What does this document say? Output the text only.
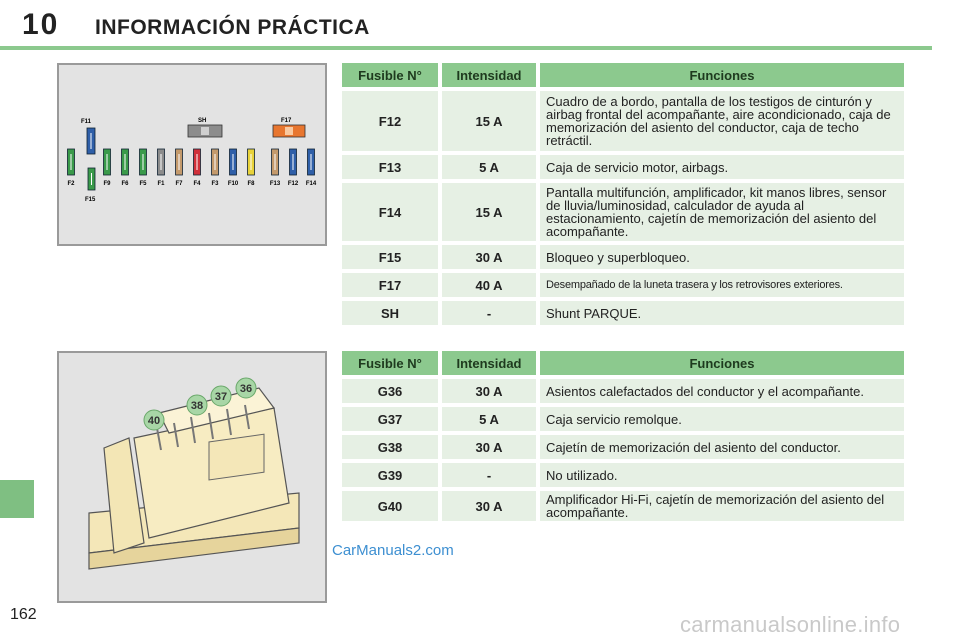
10 INFORMACIÓN PRÁCTICA
162
CarManuals2.com
carmanualsonline.info
F11	SH	F17
F2	F9 F6 F5 F1 F7 F4 F3 F10 F8	F13 F12 F14
F15
40
38
37
36
Fusible N°	Intensidad	Funciones
F12	15 A	Cuadro de a bordo, pantalla de los testigos de cinturón y airbag frontal del acompañante, aire acondicionado, caja de memorización del asiento del conductor, caja de techo retráctil.
F13	5 A	Caja de servicio motor, airbags.
F14	15 A	Pantalla multifunción, amplificador, kit manos libres, sensor de lluvia/luminosidad, calculador de ayuda al estacionamiento, cajetín de memorización del asiento del acompañante.
F15	30 A	Bloqueo y superbloqueo.
F17	40 A	Desempañado de la luneta trasera y los retrovisores exteriores.
SH	-	Shunt PARQUE.
Fusible N°	Intensidad	Funciones
G36	30 A	Asientos calefactados del conductor y el acompañante.
G37	5 A	Caja servicio remolque.
G38	30 A	Cajetín de memorización del asiento del conductor.
G39	-	No utilizado.
G40	30 A	Amplificador Hi-Fi, cajetín de memorización del asiento del acompañante.
